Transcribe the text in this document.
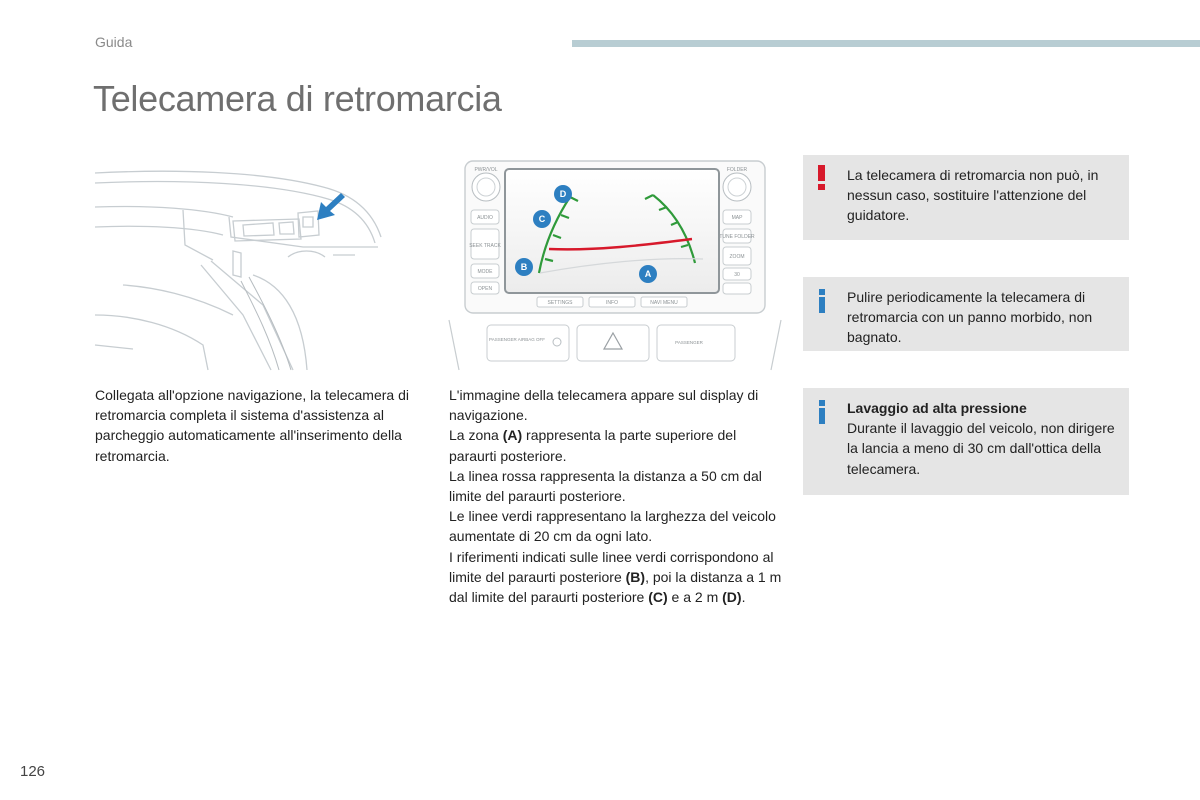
Guida
Telecamera di retromarcia
PWR/VOL	FOLDER
AUDIO
SEEK TRACK
MODE
OPEN
MAP
TUNE FOLDER
ZOOM
30
D
C
B
A
SETTINGS	INFO	NAVI MENU
PASSENGER AIRBAG OFF
PASSENGER

Collegata all'opzione navigazione, la telecamera di retromarcia completa il sistema d'assistenza al parcheggio automaticamente all'inserimento della retromarcia.

L'immagine della telecamera appare sul display di navigazione.

La zona (A) rappresenta la parte superiore del paraurti posteriore.

La linea rossa rappresenta la distanza a 50 cm dal limite del paraurti posteriore.

Le linee verdi rappresentano la larghezza del veicolo aumentate di 20 cm da ogni lato.

I riferimenti indicati sulle linee verdi corrispondono al limite del paraurti posteriore (B), poi la distanza a 1 m dal limite del paraurti posteriore (C) e a 2 m (D).

La telecamera di retromarcia non può, in nessun caso, sostituire l'attenzione del guidatore.
Pulire periodicamente la telecamera di retromarcia con un panno morbido, non bagnato.
Lavaggio ad alta pressione
Durante il lavaggio del veicolo, non dirigere la lancia a meno di 30 cm dall'ottica della telecamera.
126
